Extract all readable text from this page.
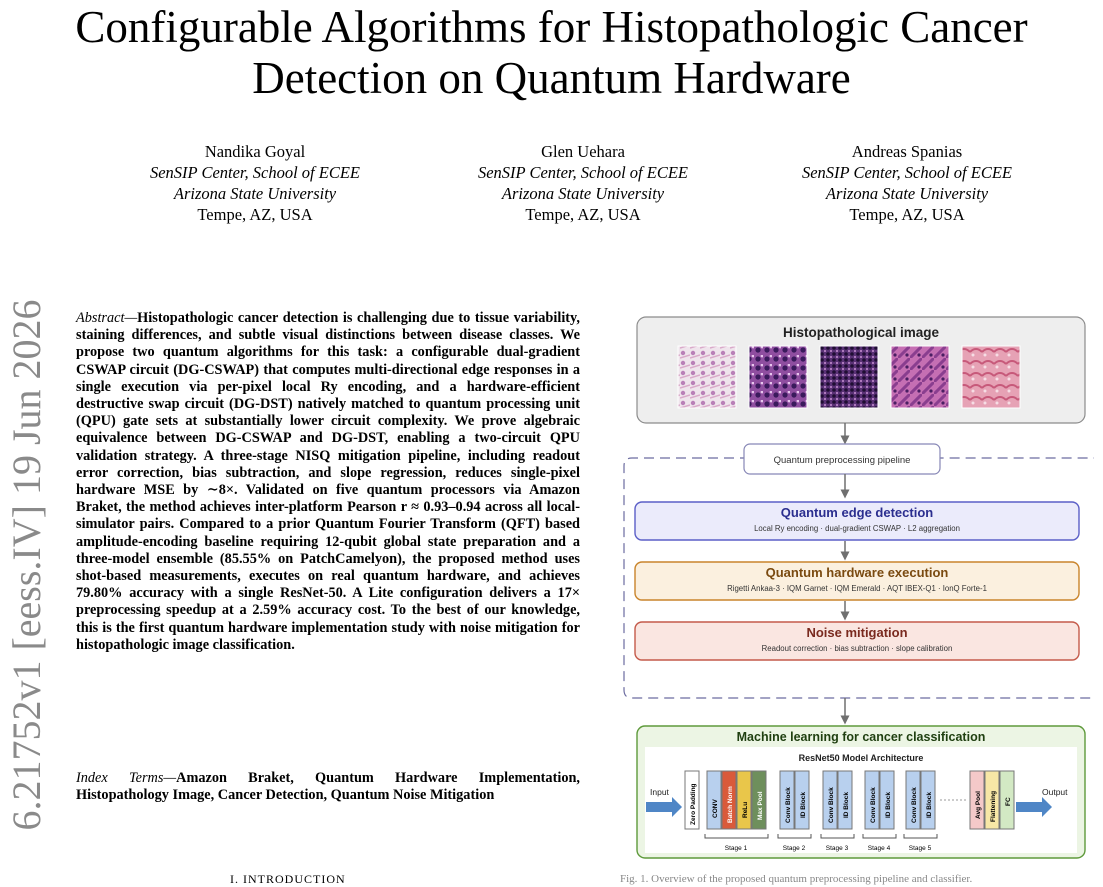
Configurable Algorithms for Histopathologic Cancer
Detection on Quantum Hardware
Nandika Goyal
SenSIP Center, School of ECEE
Arizona State University
Tempe, AZ, USA
Glen Uehara
SenSIP Center, School of ECEE
Arizona State University
Tempe, AZ, USA
Andreas Spanias
SenSIP Center, School of ECEE
Arizona State University
Tempe, AZ, USA
6.21752v1 [eess.IV] 19 Jun 2026 Abstract—Histopathologic cancer detection is challenging due to tissue variability, staining differences, and subtle visual distinctions between disease classes. We propose two quantum algorithms for this task: a configurable dual-gradient CSWAP circuit (DG-CSWAP) that computes multi-directional edge responses in a single execution via per-pixel local Ry encoding, and a hardware-efficient destructive swap circuit (DG-DST) natively matched to quantum processing unit (QPU) gate sets at substantially lower circuit complexity. We prove algebraic equivalence between DG-CSWAP and DG-DST, enabling a two-circuit QPU validation strategy. A three-stage NISQ mitigation pipeline, including readout error correction, bias subtraction, and slope regression, reduces single-pixel hardware MSE by ∼8×. Validated on five quantum processors via Amazon Braket, the method achieves inter-platform Pearson r ≈ 0.93–0.94 across all local-simulator pairs. Compared to a prior Quantum Fourier Transform (QFT) based amplitude-encoding baseline requiring 12-qubit global state preparation and a three-model ensemble (85.55% on PatchCamelyon), the proposed method uses shot-based measurements, executes on real quantum hardware, and achieves 79.80% accuracy with a single ResNet-50. A Lite configuration delivers a 17× preprocessing speedup at a 2.59% accuracy cost. To the best of our knowledge, this is the first quantum hardware implementation study with noise mitigation for histopathologic image classification.
Index Terms—Amazon Braket, Quantum Hardware Implementation, Histopathology Image, Cancer Detection, Quantum Noise Mitigation
I. INTRODUCTION	Fig. 1. Overview of the proposed quantum preprocessing pipeline and classifier.
Histopathological image
Quantum preprocessing pipeline
Quantum edge detection
Local Ry encoding · dual-gradient CSWAP · L2 aggregation
Quantum hardware execution
Rigetti Ankaa-3 · IQM Garnet · IQM Emerald · AQT IBEX-Q1 · IonQ Forte-1
Noise mitigation
Readout correction · bias subtraction · slope calibration
Machine learning for cancer classification
ResNet50 Model Architecture
Input	Zero Padding CONV Batch Norm ReLu Max Pool	Conv Block ID Block	Conv Block ID Block	Conv Block ID Block	Conv Block ID Block	Avg Pool Flattening FC
Output
Stage 1	Stage 2	Stage 3	Stage 4	Stage 5
